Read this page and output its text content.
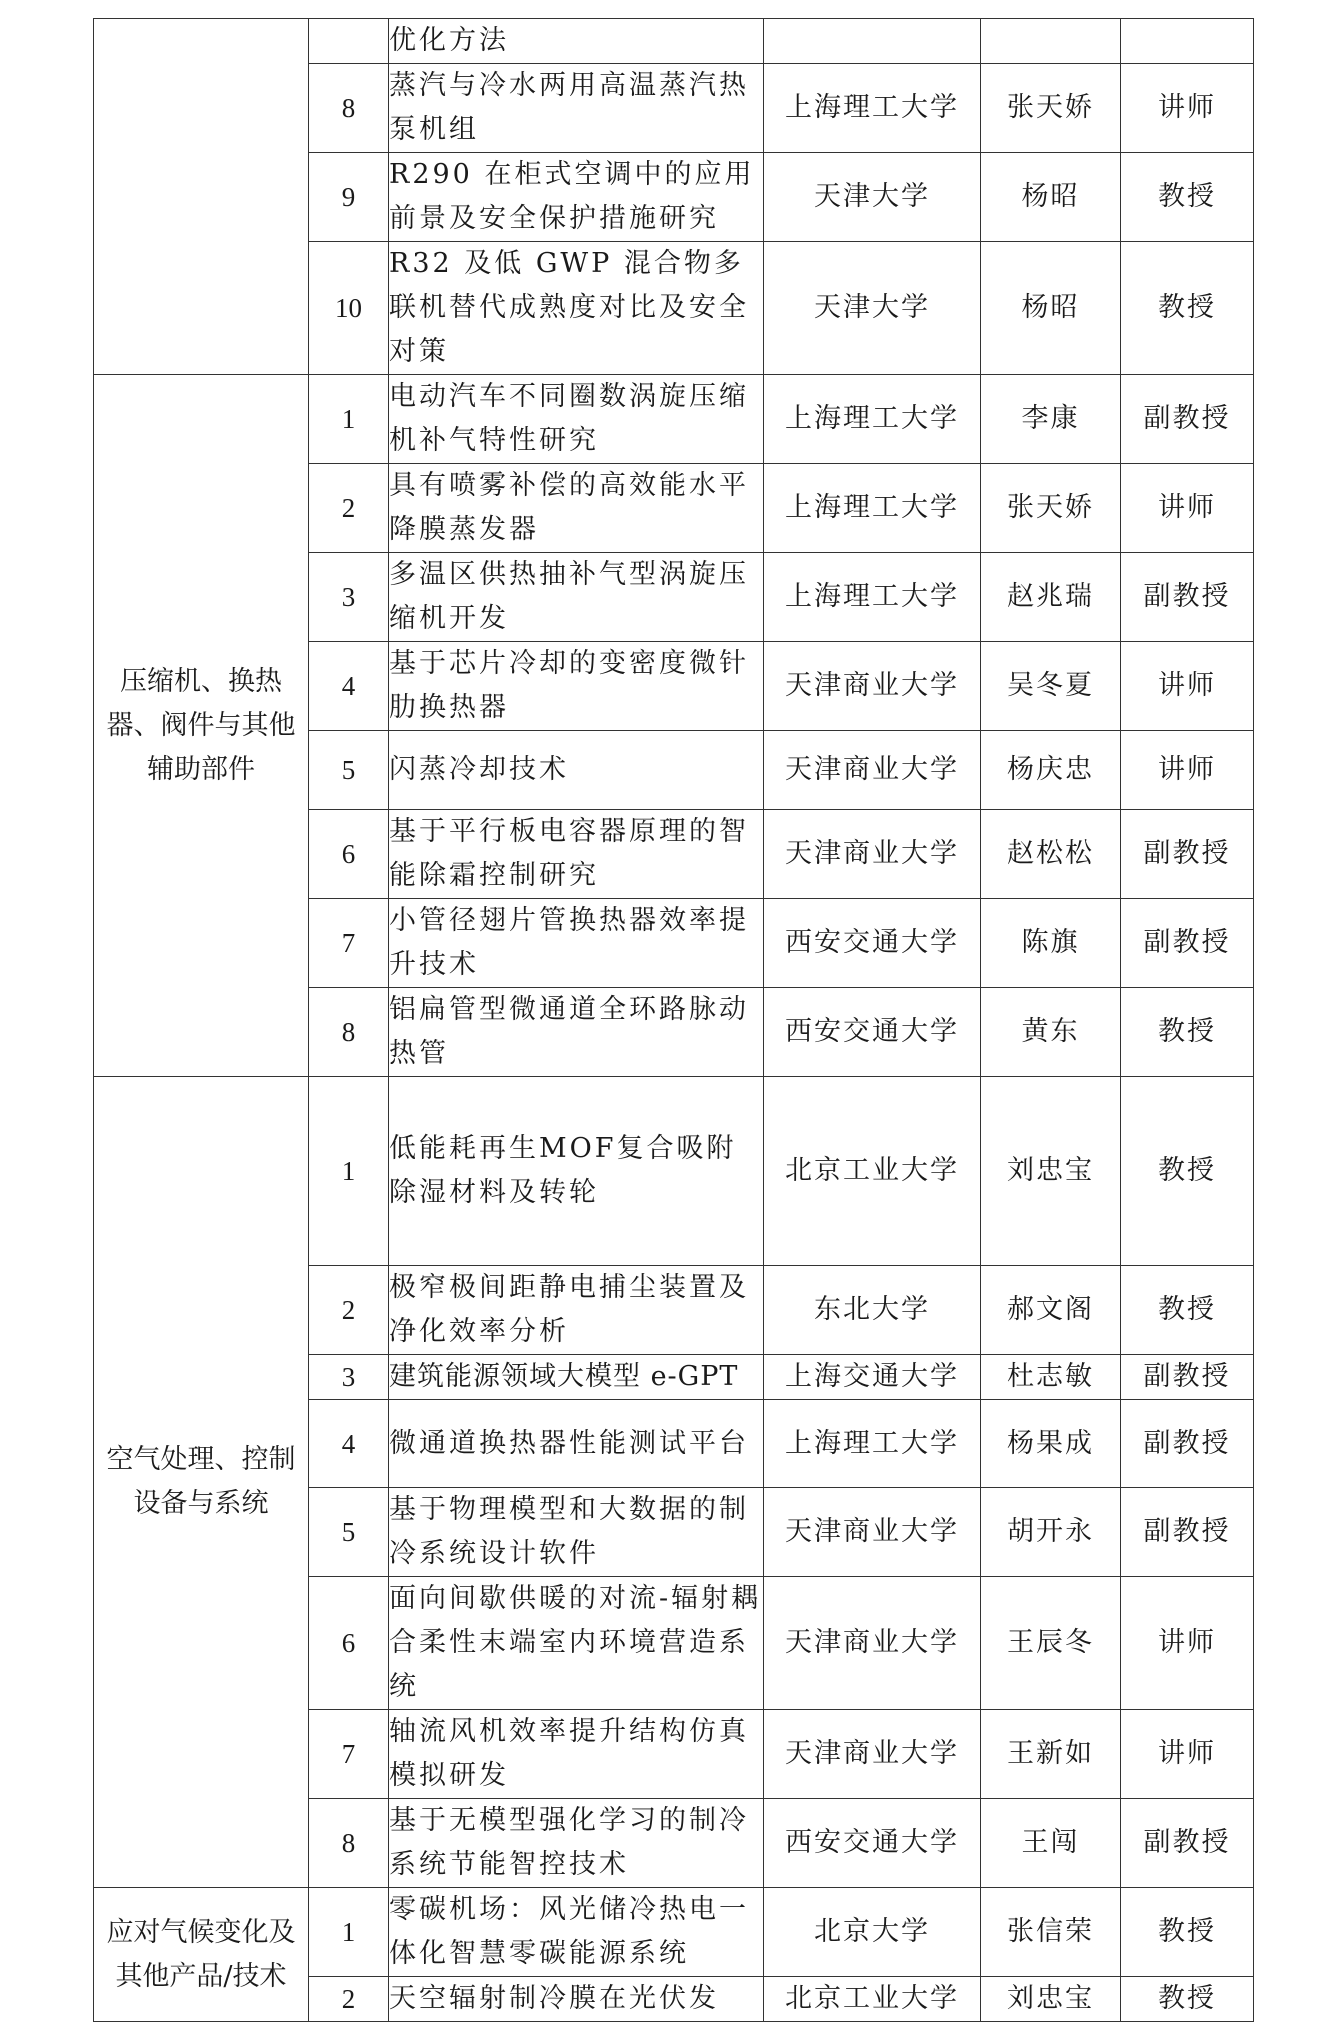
		优化方法			
	8	蒸汽与冷水两用高温蒸汽热泵机组	上海理工大学	张天娇	讲师
	9	R290 在柜式空调中的应用前景及安全保护措施研究	天津大学	杨昭	教授
	10	R32 及低 GWP 混合物多联机替代成熟度对比及安全对策	天津大学	杨昭	教授
压缩机、换热器、阀件与其他辅助部件	1	电动汽车不同圈数涡旋压缩机补气特性研究	上海理工大学	李康	副教授
	2	具有喷雾补偿的高效能水平降膜蒸发器	上海理工大学	张天娇	讲师
	3	多温区供热抽补气型涡旋压缩机开发	上海理工大学	赵兆瑞	副教授
	4	基于芯片冷却的变密度微针肋换热器	天津商业大学	吴冬夏	讲师
	5	闪蒸冷却技术	天津商业大学	杨庆忠	讲师
	6	基于平行板电容器原理的智能除霜控制研究	天津商业大学	赵松松	副教授
	7	小管径翅片管换热器效率提升技术	西安交通大学	陈旗	副教授
	8	铝扁管型微通道全环路脉动热管	西安交通大学	黄东	教授
空气处理、控制设备与系统	1	低能耗再生MOF复合吸附除湿材料及转轮	北京工业大学	刘忠宝	教授
	2	极窄极间距静电捕尘装置及净化效率分析	东北大学	郝文阁	教授
	3	建筑能源领域大模型 e-GPT	上海交通大学	杜志敏	副教授
	4	微通道换热器性能测试平台	上海理工大学	杨果成	副教授
	5	基于物理模型和大数据的制冷系统设计软件	天津商业大学	胡开永	副教授
	6	面向间歇供暖的对流-辐射耦合柔性末端室内环境营造系统	天津商业大学	王辰冬	讲师
	7	轴流风机效率提升结构仿真模拟研发	天津商业大学	王新如	讲师
	8	基于无模型强化学习的制冷系统节能智控技术	西安交通大学	王闯	副教授
应对气候变化及其他产品/技术	1	零碳机场：风光储冷热电一体化智慧零碳能源系统	北京大学	张信荣	教授
	2	天空辐射制冷膜在光伏发	北京工业大学	刘忠宝	教授
